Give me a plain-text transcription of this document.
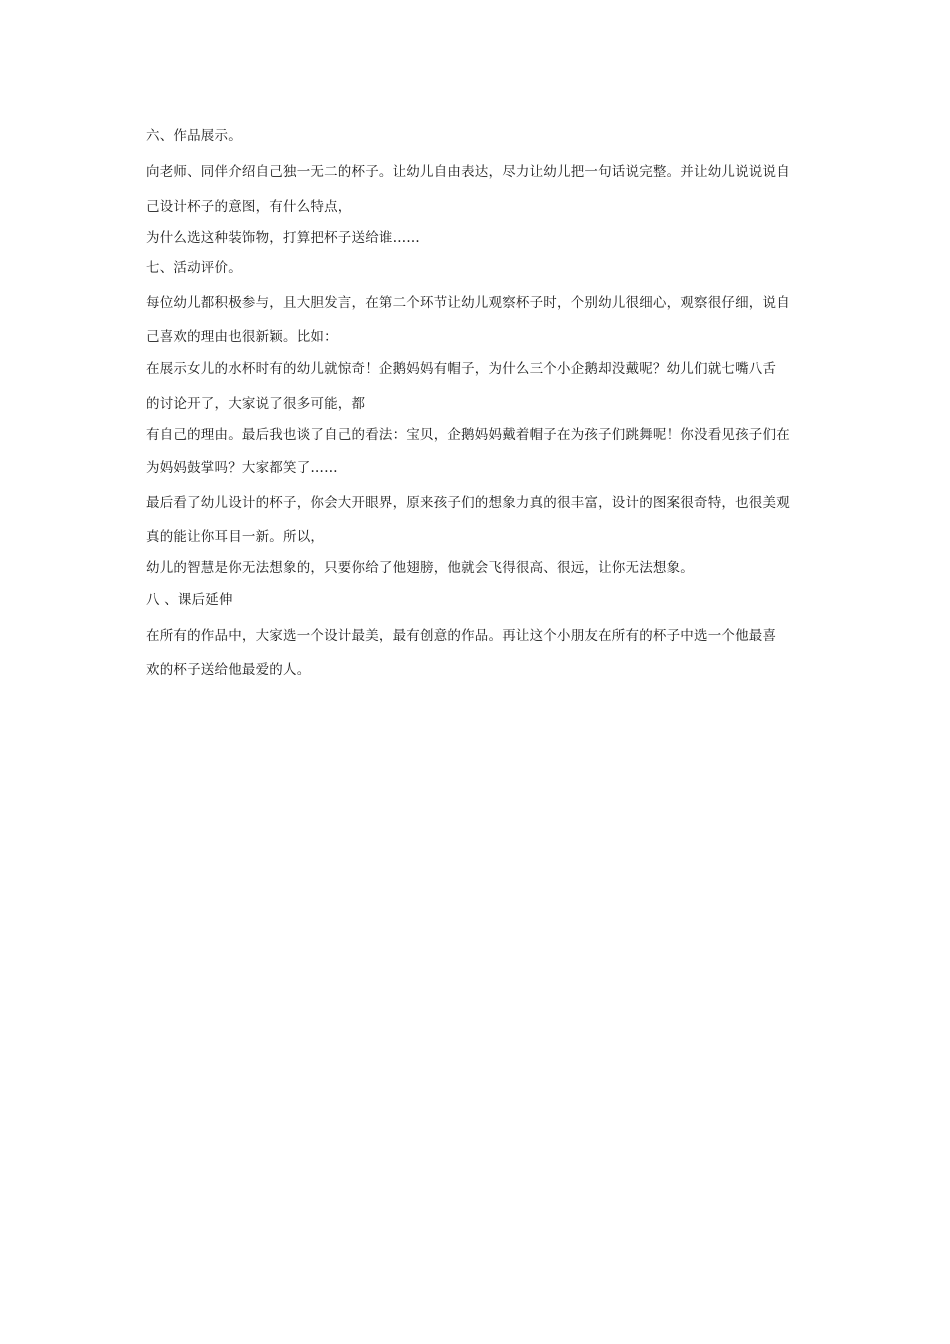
六、作品展示。
向老师、同伴介绍自己独一无二的杯子。让幼儿自由表达，尽力让幼儿把一句话说完整。并让幼儿说说说自
己设计杯子的意图，有什么特点，
为什么选这种装饰物，打算把杯子送给谁……
七、活动评价。
每位幼儿都积极参与，且大胆发言，在第二个环节让幼儿观察杯子时，个别幼儿很细心，观察很仔细，说自
己喜欢的理由也很新颖。比如：
在展示女儿的水杯时有的幼儿就惊奇！企鹅妈妈有帽子，为什么三个小企鹅却没戴呢？幼儿们就七嘴八舌
的讨论开了，大家说了很多可能，都
有自己的理由。最后我也谈了自己的看法：宝贝，企鹅妈妈戴着帽子在为孩子们跳舞呢！你没看见孩子们在
为妈妈鼓掌吗？大家都笑了……
最后看了幼儿设计的杯子，你会大开眼界，原来孩子们的想象力真的很丰富，设计的图案很奇特，也很美观
真的能让你耳目一新。所以，
幼儿的智慧是你无法想象的，只要你给了他翅膀，他就会飞得很高、很远，让你无法想象。
八 、课后延伸
在所有的作品中，大家选一个设计最美，最有创意的作品。再让这个小朋友在所有的杯子中选一个他最喜
欢的杯子送给他最爱的人。
